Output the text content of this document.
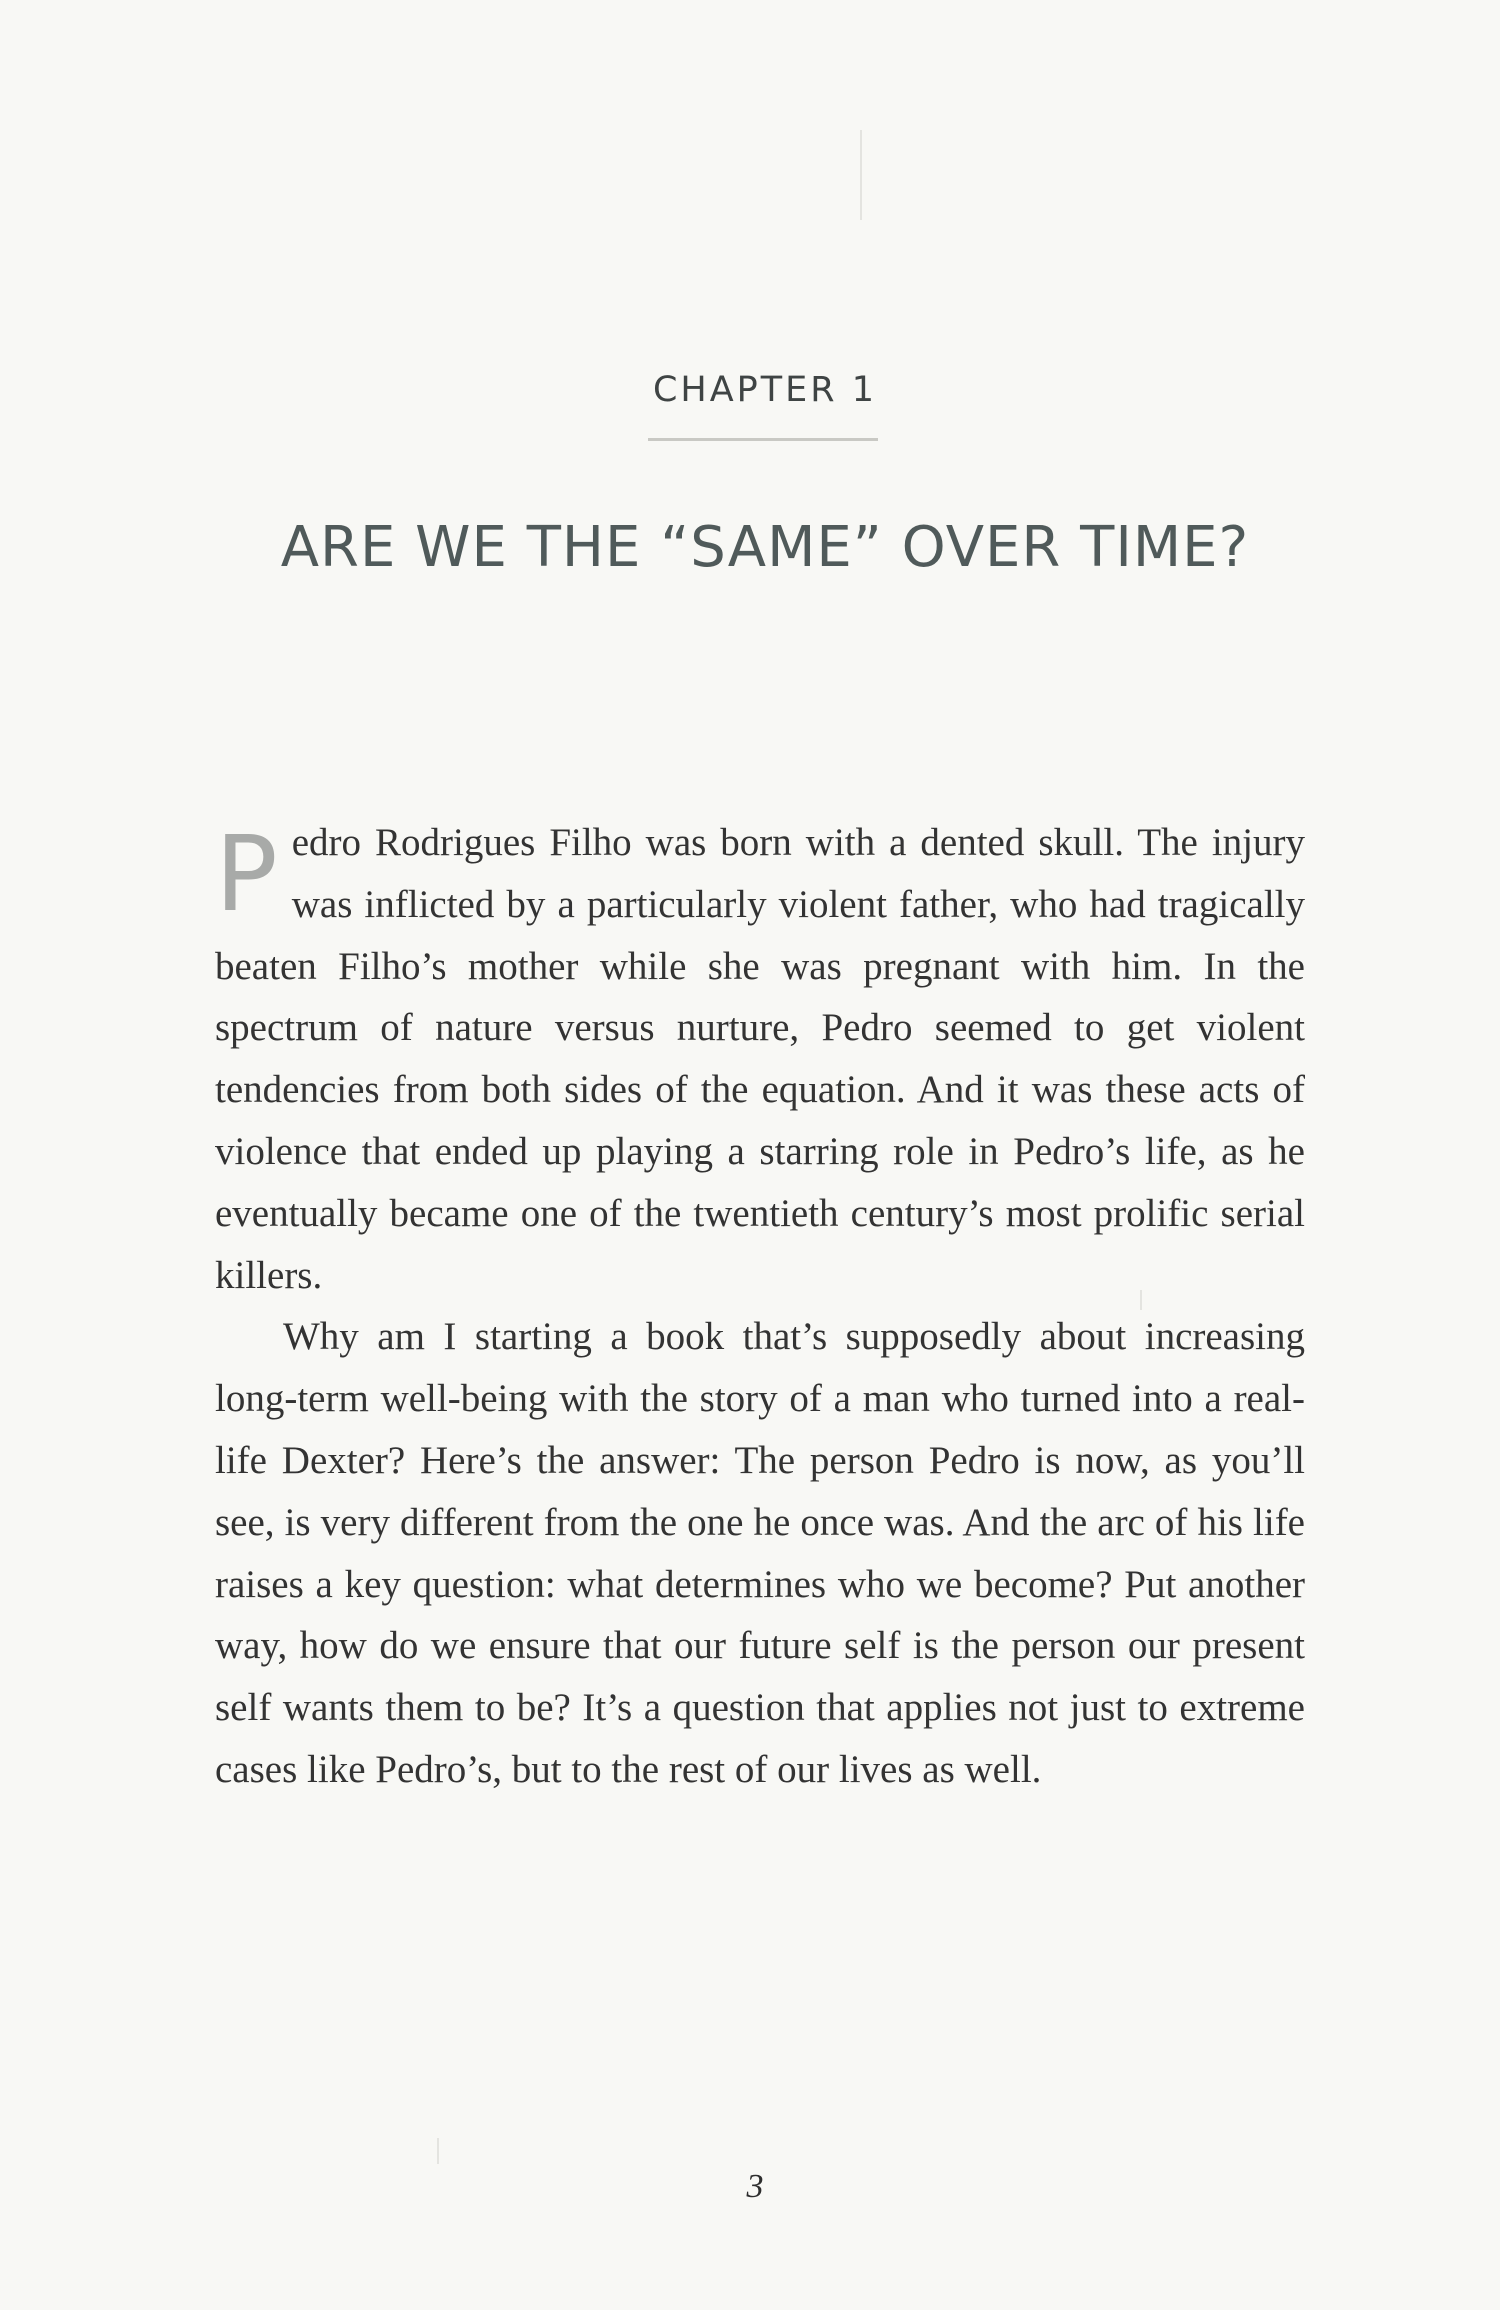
CHAPTER 1
ARE WE THE “SAME” OVER TIME?

Pedro Rodrigues Filho was born with a dented skull. The injury was inflicted by a particularly violent father, who had tragically beaten Filho’s mother while she was pregnant with him. In the spectrum of nature versus nurture, Pedro seemed to get violent tendencies from both sides of the equation. And it was these acts of violence that ended up playing a starring role in Pedro’s life, as he eventually became one of the twentieth century’s most prolific serial killers.

Why am I starting a book that’s supposedly about increasing long-term well-being with the story of a man who turned into a real-life Dexter? Here’s the answer: The person Pedro is now, as you’ll see, is very different from the one he once was. And the arc of his life raises a key question: what determines who we become? Put another way, how do we ensure that our future self is the person our present self wants them to be? It’s a question that applies not just to extreme cases like Pedro’s, but to the rest of our lives as well.

3
